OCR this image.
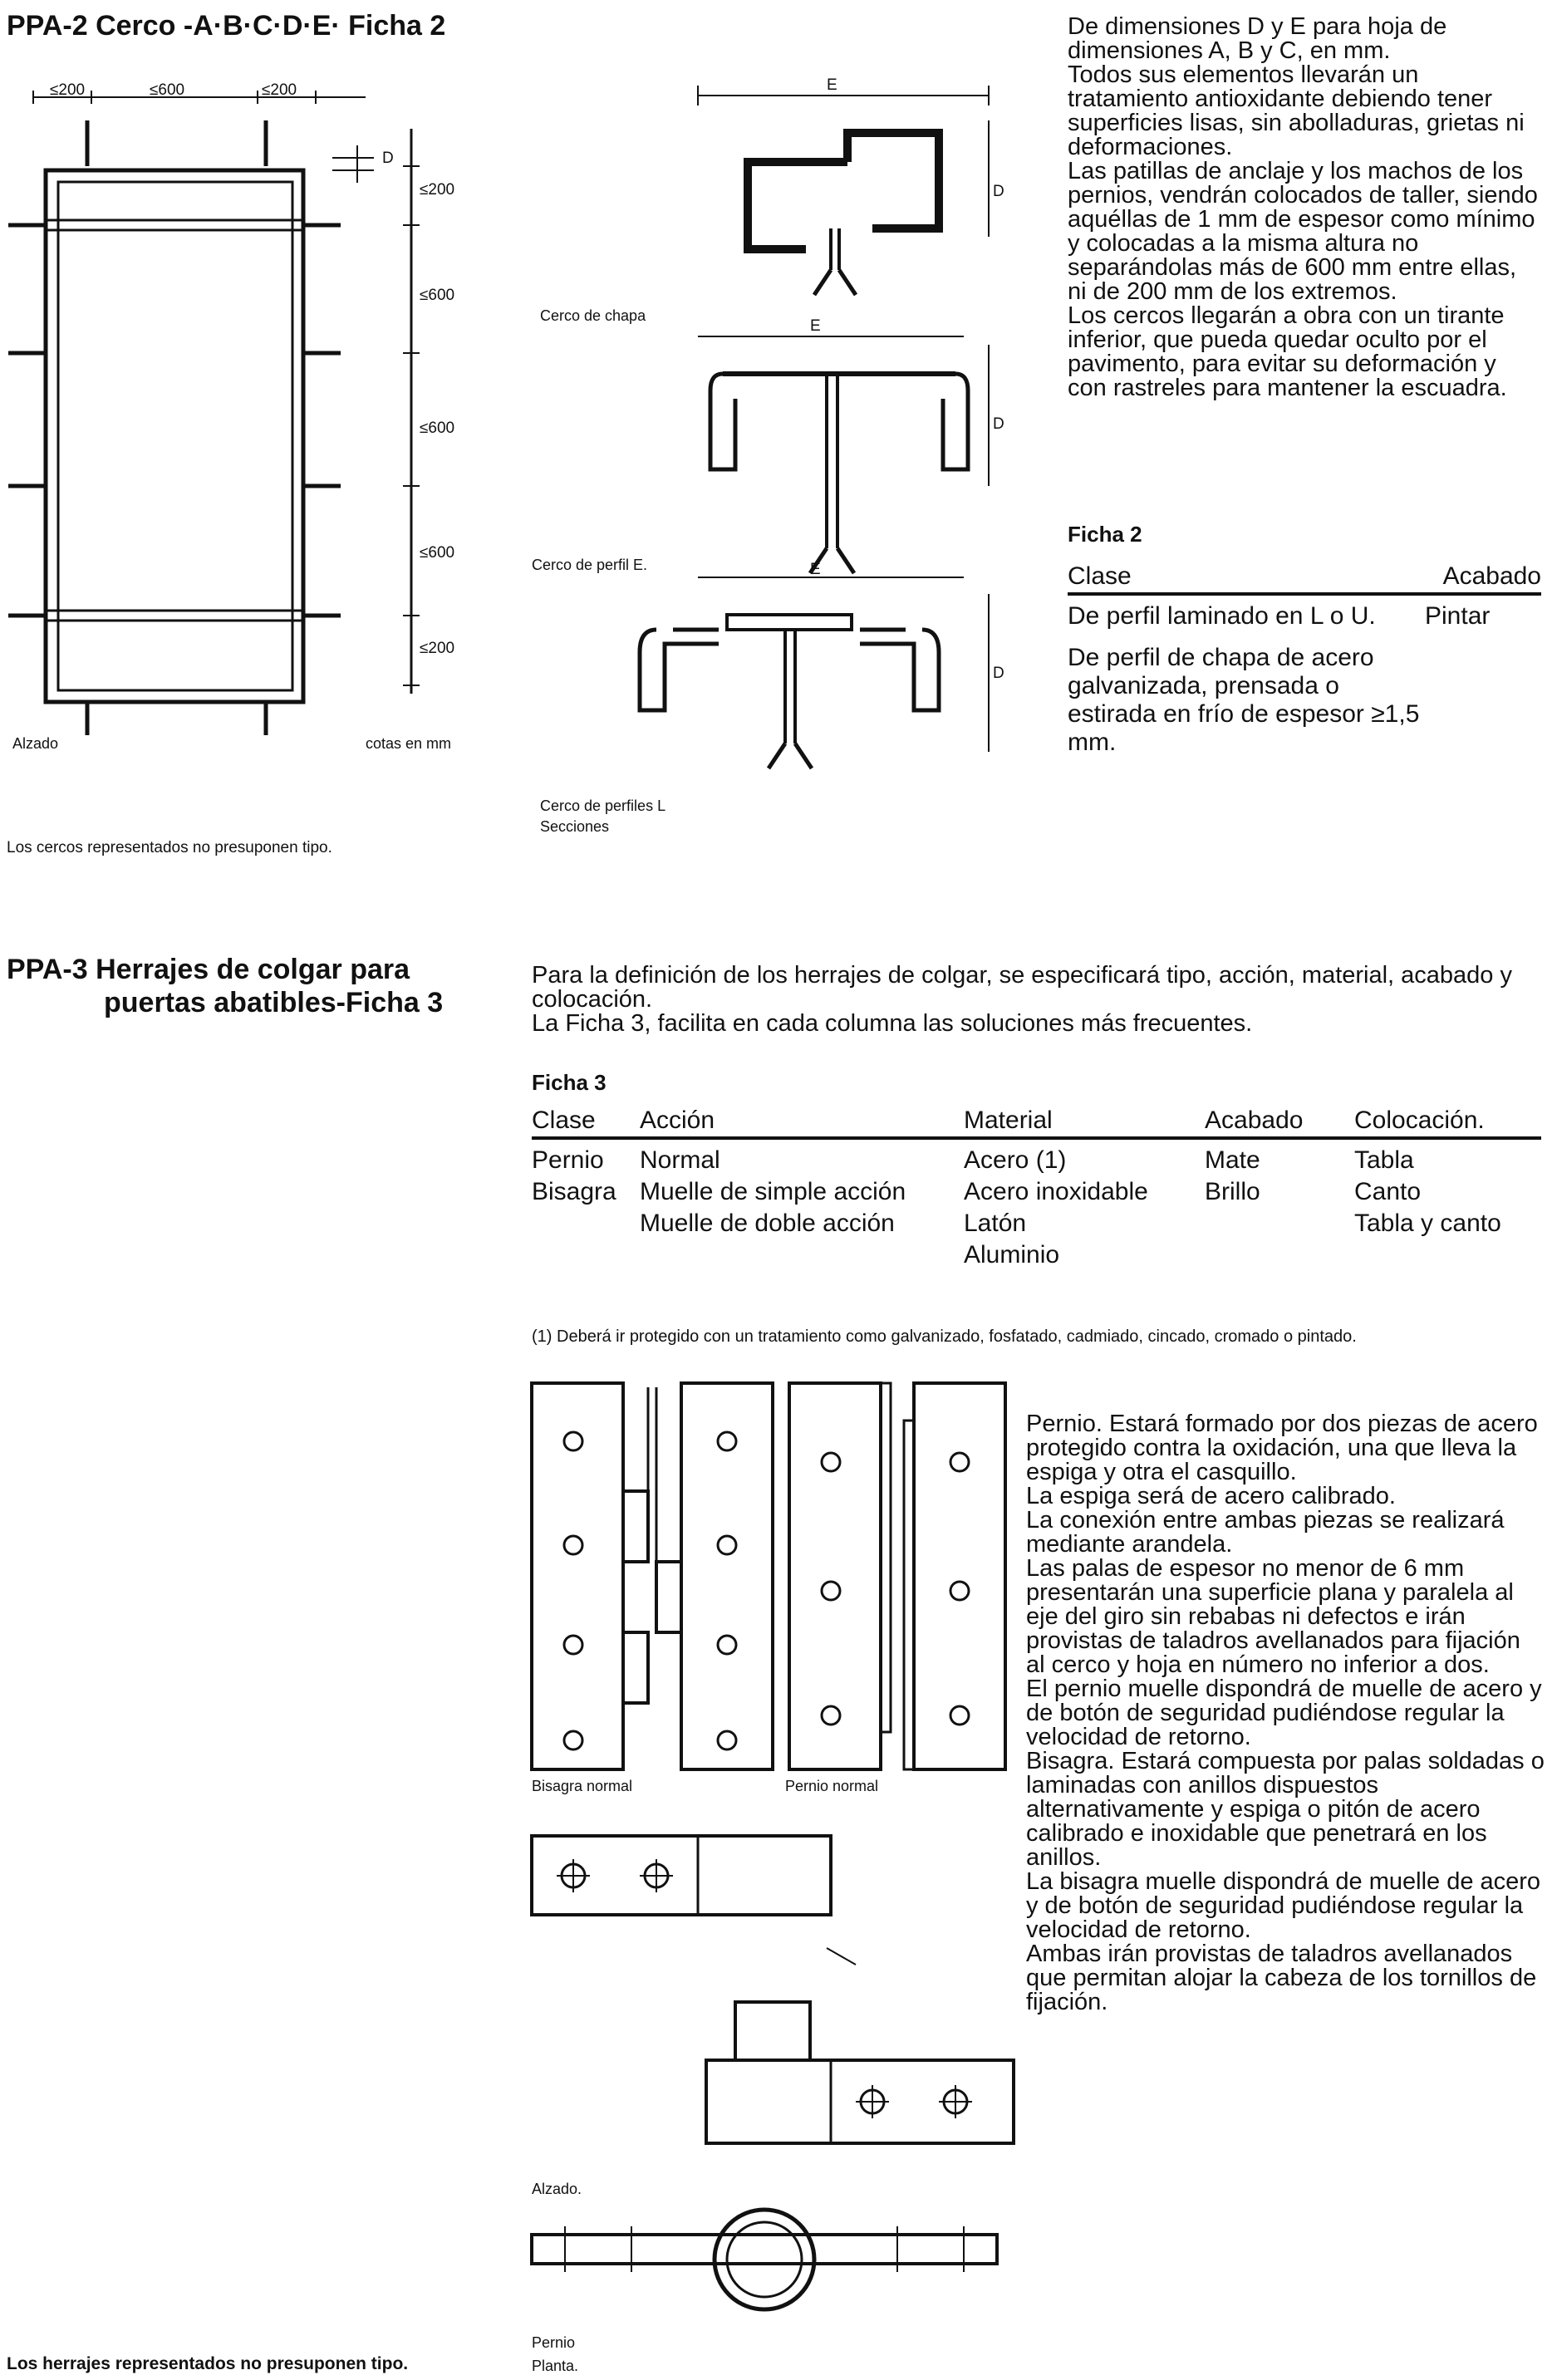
PPA-2 Cerco -A·B·C·D·E· Ficha 2
≤200	≤600	≤200
D
≤200
≤600
≤600
≤600
≤200
Alzado	cotas en mm
Los cercos representados no presuponen tipo.
E
D
Cerco de chapa
E
D
Cerco de perfil E.	E
D
Cerco de perfiles L
Secciones

De dimensiones D y E para hoja de dimensiones A, B y C, en mm.

Todos sus elementos llevarán un tratamiento antioxidante debiendo tener superficies lisas, sin abolladuras, grietas ni deformaciones.

Las patillas de anclaje y los machos de los pernios, vendrán colocados de taller, siendo aquéllas de 1 mm de espesor como mínimo y colocadas a la misma altura no separándolas más de 600 mm entre ellas, ni de 200 mm de los extremos.

Los cercos llegarán a obra con un tirante inferior, que pueda quedar oculto por el pavimento, para evitar su deformación y con rastreles para mantener la escuadra.

Ficha 2
Clase	Acabado
De perfil laminado en L o U.	Pintar
De perfil de chapa de acero galvanizada, prensada o estirada en frío de espesor ≥1,5 mm.	
PPA-3 Herrajes de colgar para
puertas abatibles-Ficha 3

Para la definición de los herrajes de colgar, se especificará tipo, acción, material, acabado y colocación.

La Ficha 3, facilita en cada columna las soluciones más frecuentes.

Ficha 3
Clase	Acción	Material	Acabado	Colocación.
Pernio	Normal	Acero (1)	Mate	Tabla
Bisagra	Muelle de simple acción	Acero inoxidable	Brillo	Canto
	Muelle de doble acción	Latón		Tabla y canto
		Aluminio		
(1) Deberá ir protegido con un tratamiento como galvanizado, fosfatado, cadmiado, cincado, cromado o pintado.
Bisagra normal	Pernio normal
Alzado.
Pernio
Planta.

Pernio. Estará formado por dos piezas de acero protegido contra la oxidación, una que lleva la espiga y otra el casquillo.

La espiga será de acero calibrado.

La conexión entre ambas piezas se realizará mediante arandela.

Las palas de espesor no menor de 6 mm presentarán una superficie plana y paralela al eje del giro sin rebabas ni defectos e irán provistas de taladros avellanados para fijación al cerco y hoja en número no inferior a dos.

El pernio muelle dispondrá de muelle de acero y de botón de seguridad pudiéndose regular la velocidad de retorno.

Bisagra. Estará compuesta por palas soldadas o laminadas con anillos dispuestos alternativamente y espiga o pitón de acero calibrado e inoxidable que penetrará en los anillos.

La bisagra muelle dispondrá de muelle de acero y de botón de seguridad pudiéndose regular la velocidad de retorno.

Ambas irán provistas de taladros avellanados que permitan alojar la cabeza de los tornillos de fijación.

Los herrajes representados no presuponen tipo.
